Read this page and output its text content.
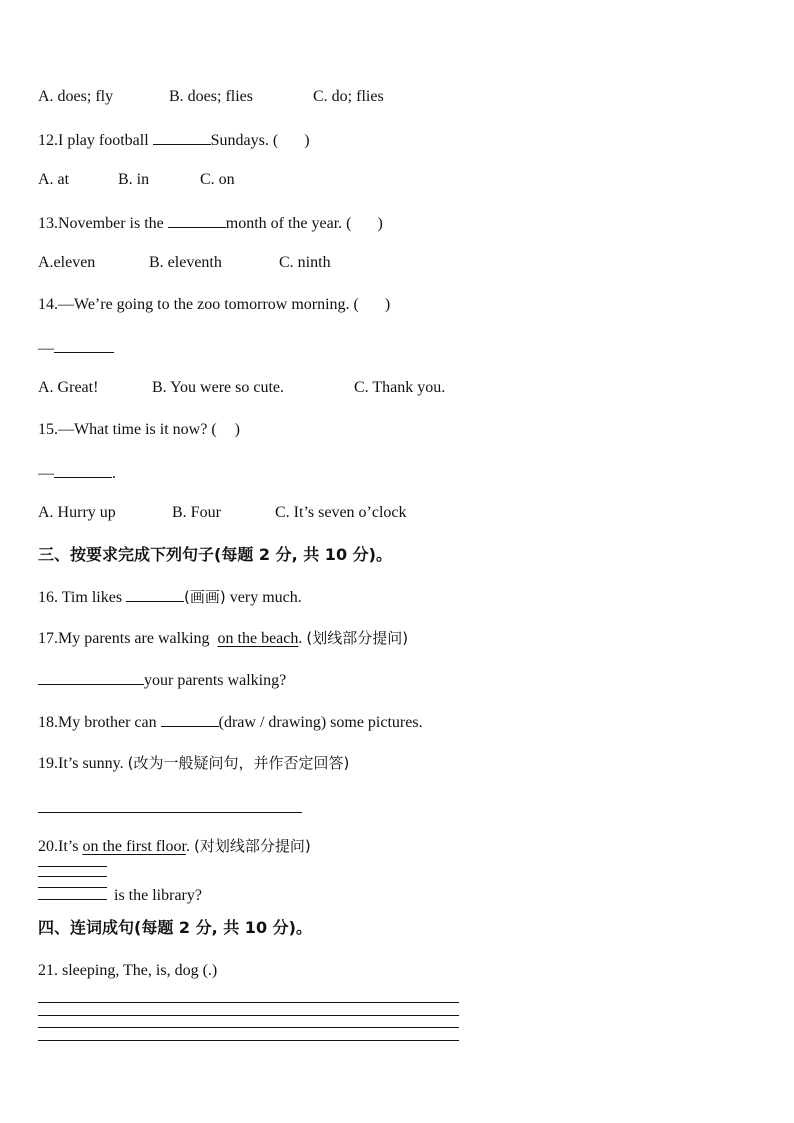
A. does; fly	B. does; flies	C. do; flies
12.I play football	Sundays. ( )
A. at	B. in	C. on
13.November is the	month of the year. ( )
A.eleven	B. eleventh	C. ninth
14.—We’re going to the zoo tomorrow morning. ( )
—
A. Great!	B. You were so cute.	C. Thank you.
15.—What time is it now? ( )
—	.
A. Hurry up	B. Four	C. It’s seven o’clock
三、按要求完成下列句子(每题 2 分, 共 10 分)。
16. Tim likes	(画画) very much.
17.My parents are walking on the beach. (划线部分提问)
your parents walking?
18.My brother can	(draw / drawing) some pictures.
19.It’s sunny. (改为一般疑问句，并作否定回答)
20.It’s on the first floor. (对划线部分提问)
is the library?
四、连词成句(每题 2 分, 共 10 分)。
21. sleeping, The, is, dog (.)
